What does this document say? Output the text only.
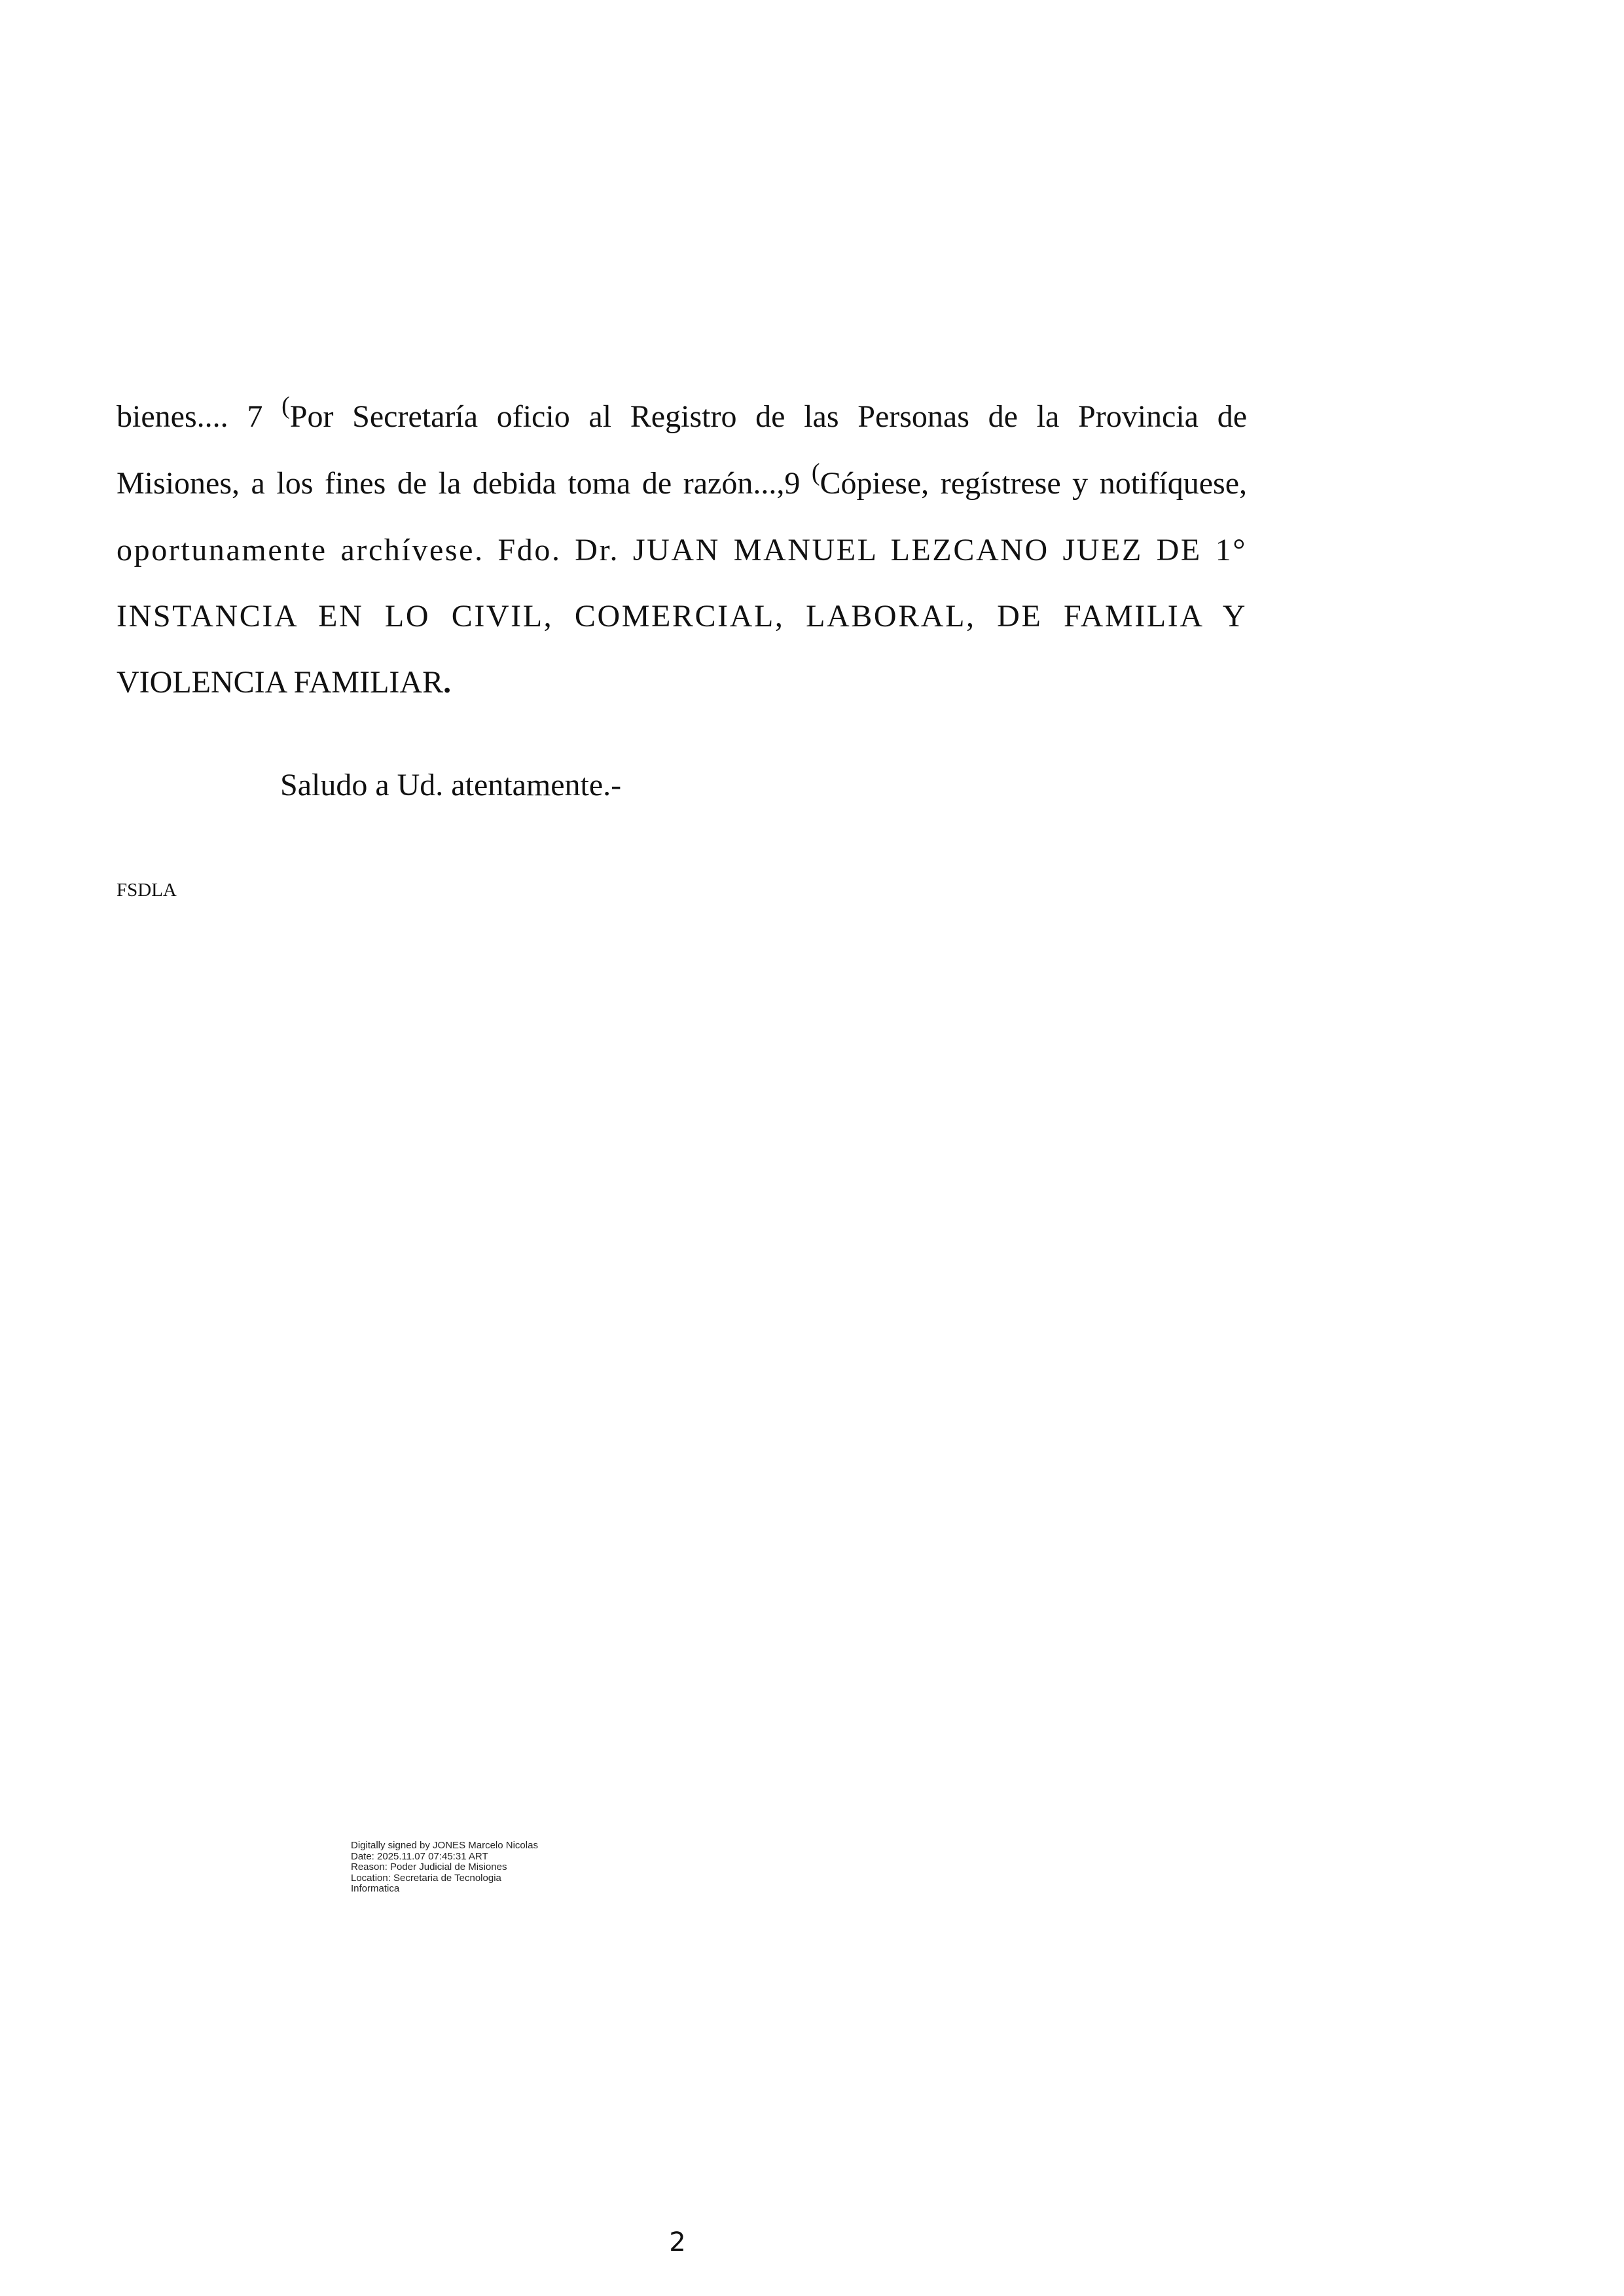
bienes.... 7 (Por Secretaría oficio al Registro de las Personas de la Provincia de
Misiones, a los fines de la debida toma de razón...,9 (Cópiese, regístrese y notifíquese,
oportunamente archívese. Fdo. Dr. JUAN MANUEL LEZCANO JUEZ DE 1°
INSTANCIA EN LO CIVIL, COMERCIAL, LABORAL, DE FAMILIA Y
VIOLENCIA FAMILIAR.
Saludo a Ud. atentamente.-
FSDLA
Digitally signed by JONES Marcelo Nicolas
Date: 2025.11.07 07:45:31 ART
Reason: Poder Judicial de Misiones
Location: Secretaria de Tecnologia
Informatica
2
